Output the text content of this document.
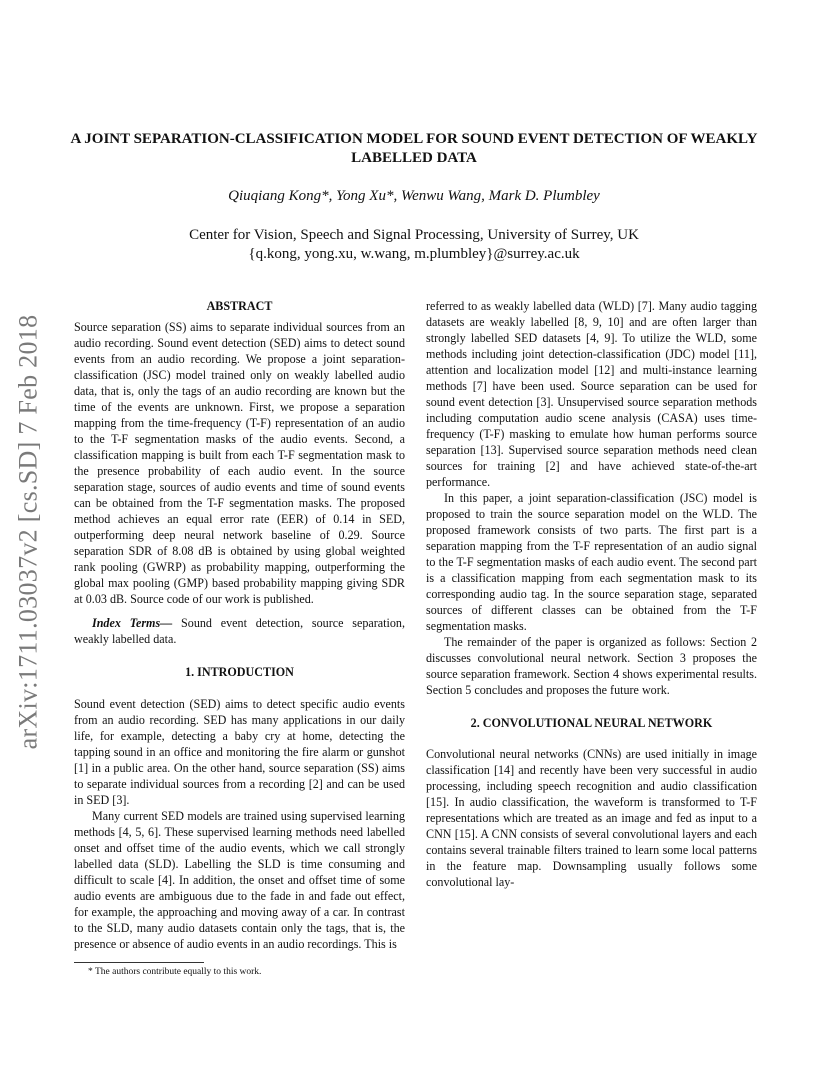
arXiv:1711.03037v2 [cs.SD] 7 Feb 2018
A JOINT SEPARATION-CLASSIFICATION MODEL FOR SOUND EVENT DETECTION OF WEAKLY LABELLED DATA
Qiuqiang Kong*, Yong Xu*, Wenwu Wang, Mark D. Plumbley
Center for Vision, Speech and Signal Processing, University of Surrey, UK
{q.kong, yong.xu, w.wang, m.plumbley}@surrey.ac.uk
ABSTRACT

Source separation (SS) aims to separate individual sources from an audio recording. Sound event detection (SED) aims to detect sound events from an audio recording. We propose a joint separation-classification (JSC) model trained only on weakly labelled audio data, that is, only the tags of an audio recording are known but the time of the events are unknown. First, we propose a separation mapping from the time-frequency (T-F) representation of an audio to the T-F segmentation masks of the audio events. Second, a classification mapping is built from each T-F segmentation mask to the presence probability of each audio event. In the source separation stage, sources of audio events and time of sound events can be obtained from the T-F segmentation masks. The proposed method achieves an equal error rate (EER) of 0.14 in SED, outperforming deep neural network baseline of 0.29. Source separation SDR of 8.08 dB is obtained by using global weighted rank pooling (GWRP) as probability mapping, outperforming the global max pooling (GMP) based probability mapping giving SDR at 0.03 dB. Source code of our work is published.

Index Terms— Sound event detection, source separation, weakly labelled data.

1. INTRODUCTION

Sound event detection (SED) aims to detect specific audio events from an audio recording. SED has many applications in our daily life, for example, detecting a baby cry at home, detecting the tapping sound in an office and monitoring the fire alarm or gunshot [1] in a public area. On the other hand, source separation (SS) aims to separate individual sources from a recording [2] and can be used in SED [3].

Many current SED models are trained using supervised learning methods [4, 5, 6]. These supervised learning methods need labelled onset and offset time of the audio events, which we call strongly labelled data (SLD). Labelling the SLD is time consuming and difficult to scale [4]. In addition, the onset and offset time of some audio events are ambiguous due to the fade in and fade out effect, for example, the approaching and moving away of a car. In contrast to the SLD, many audio datasets contain only the tags, that is, the presence or absence of audio events in an audio recordings. This is

referred to as weakly labelled data (WLD) [7]. Many audio tagging datasets are weakly labelled [8, 9, 10] and are often larger than strongly labelled SED datasets [4, 9]. To utilize the WLD, some methods including joint detection-classification (JDC) model [11], attention and localization model [12] and multi-instance learning methods [7] have been used. Source separation can be used for sound event detection [3]. Unsupervised source separation methods including computation audio scene analysis (CASA) uses time-frequency (T-F) masking to emulate how human performs source separation [13]. Supervised source separation methods need clean sources for training [2] and have achieved state-of-the-art performance.

In this paper, a joint separation-classification (JSC) model is proposed to train the source separation model on the WLD. The proposed framework consists of two parts. The first part is a separation mapping from the T-F representation of an audio signal to the T-F segmentation masks of each audio event. The second part is a classification mapping from each segmentation mask to its corresponding audio tag. In the source separation stage, separated sources of different classes can be obtained from the T-F segmentation masks.

The remainder of the paper is organized as follows: Section 2 discusses convolutional neural network. Section 3 proposes the source separation framework. Section 4 shows experimental results. Section 5 concludes and proposes the future work.

2. CONVOLUTIONAL NEURAL NETWORK

Convolutional neural networks (CNNs) are used initially in image classification [14] and recently have been very successful in audio processing, including speech recognition and audio classification [15]. In audio classification, the waveform is transformed to T-F representations which are treated as an image and fed as input to a CNN [15]. A CNN consists of several convolutional layers and each contains several trainable filters trained to learn some local patterns in the feature map. Downsampling usually follows some convolutional lay-

* The authors contribute equally to this work.
